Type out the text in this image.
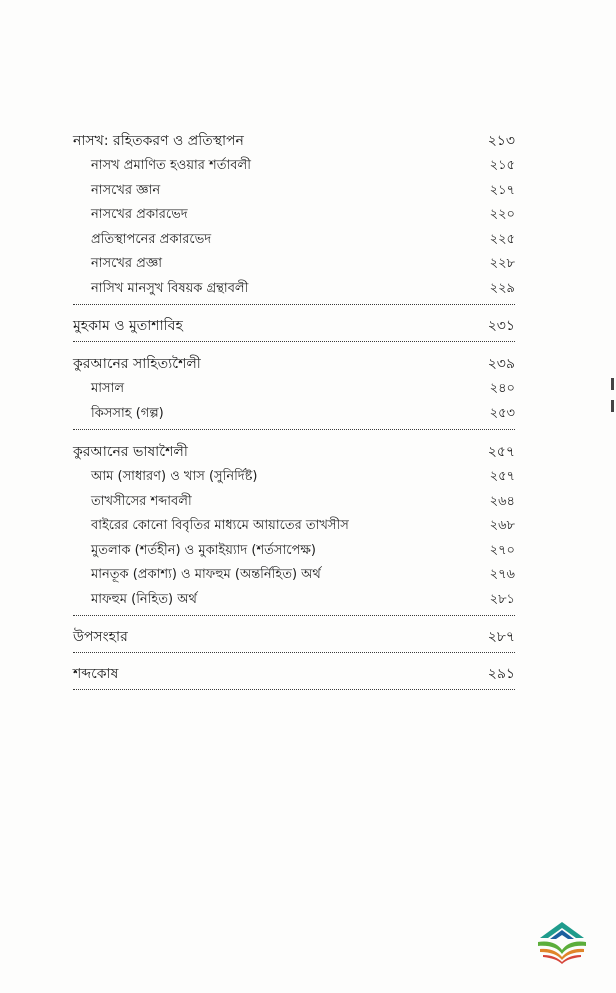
নাসখ: রহিতকরণ ও প্রতিস্থাপন	২১৩
নাসখ প্রমাণিত হওয়ার শর্তাবলী	২১৫
নাসখের জ্ঞান	২১৭
নাসখের প্রকারভেদ	২২০
প্রতিস্থাপনের প্রকারভেদ	২২৫
নাসখের প্রজ্ঞা	২২৮
নাসিখ মানসুখ বিষয়ক গ্রন্থাবলী	২২৯
মুহকাম ও মুতাশাবিহ	২৩১
কুরআনের সাহিত্যশৈলী	২৩৯
মাসাল	২৪০
কিসসাহ (গল্প)	২৫৩
কুরআনের ভাষাশৈলী	২৫৭
আম (সাধারণ) ও খাস (সুনির্দিষ্ট)	২৫৭
তাখসীসের শব্দাবলী	২৬৪
বাইরের কোনো বিবৃতির মাধ্যমে আয়াতের তাখসীস	২৬৮
মুতলাক (শর্তহীন) ও মুকাইয়্যাদ (শর্তসাপেক্ষ)	২৭০
মানতূক (প্রকাশ্য) ও মাফহুম (অন্তর্নিহিত) অর্থ	২৭৬
মাফহুম (নিহিত) অর্থ	২৮১
উপসংহার	২৮৭
শব্দকোষ	২৯১
